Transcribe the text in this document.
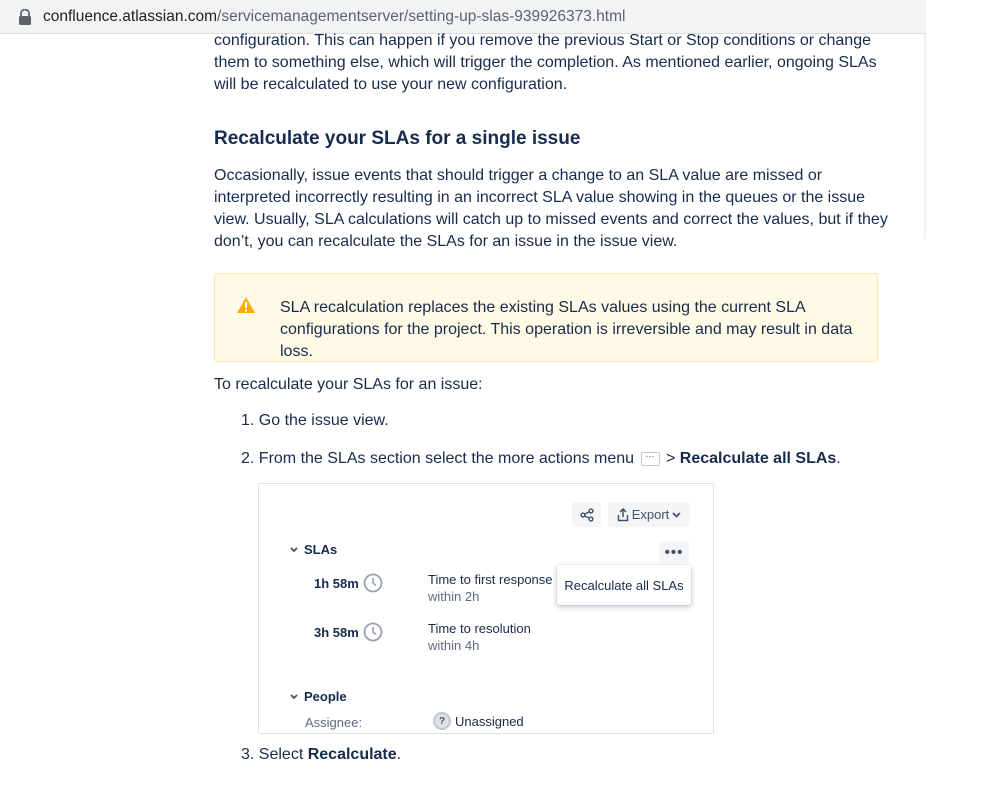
confluence.atlassian.com/servicemanagementserver/setting-up-slas-939926373.html

configuration. This can happen if you remove the previous Start or Stop conditions or change them to something else, which will trigger the completion. As mentioned earlier, ongoing SLAs will be recalculated to use your new configuration.

Recalculate your SLAs for a single issue

Occasionally, issue events that should trigger a change to an SLA value are missed or interpreted incorrectly resulting in an incorrect SLA value showing in the queues or the issue view. Usually, SLA calculations will catch up to missed events and correct the values, but if they don’t, you can recalculate the SLAs for an issue in the issue view.

SLA recalculation replaces the existing SLAs values using the current SLA configurations for the project. This operation is irreversible and may result in data loss.
To recalculate your SLAs for an issue:
1. Go the issue view.
2. From the SLAs section select the more actions menu ··· > Recalculate all SLAs.
3. Select Recalculate.
Export
SLAs	•••
1h 58m	Time to first response
within 2h
3h 58m	Time to resolution
within 4h
Recalculate all SLAs
People
Assignee:	? Unassigned
